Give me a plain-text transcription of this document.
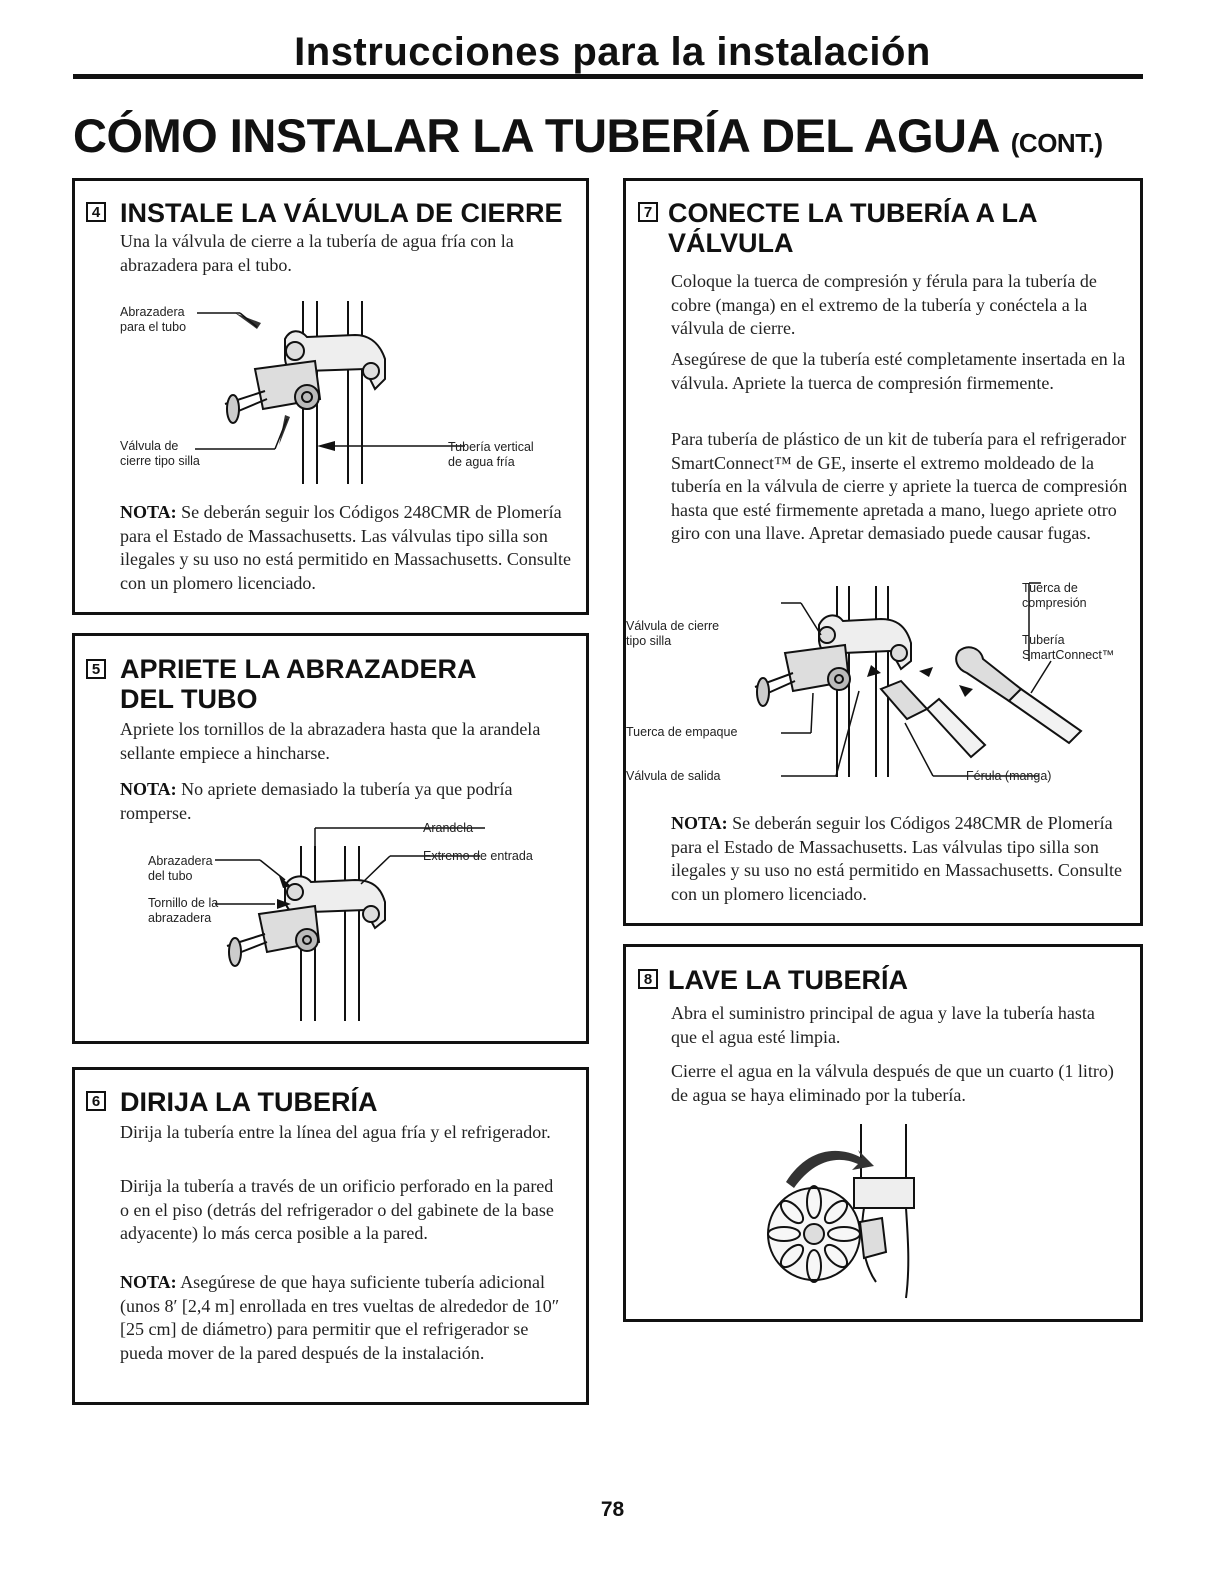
Instrucciones para la instalación
CÓMO INSTALAR LA TUBERÍA DEL AGUA (CONT.)
4 INSTALE LA VÁLVULA DE CIERRE

Una la válvula de cierre a la tubería de agua fría con la abrazadera para el tubo.

Abrazadera
para el tubo
Válvula de
cierre tipo silla
Tubería vertical
de agua fría

NOTA: Se deberán seguir los Códigos 248CMR de Plomería para el Estado de Massachusetts. Las válvulas tipo silla son ilegales y su uso no está permitido en Massachusetts. Consulte con un plomero licenciado.

5 APRIETE LA ABRAZADERA
DEL TUBO

Apriete los tornillos de la abrazadera hasta que la arandela sellante empiece a hincharse.

NOTA: No apriete demasiado la tubería ya que podría romperse.

Arandela
Extremo de entrada
Abrazadera
del tubo
Tornillo de la
abrazadera
6 DIRIJA LA TUBERÍA

Dirija la tubería entre la línea del agua fría y el refrigerador.

Dirija la tubería a través de un orificio perforado en la pared o en el piso (detrás del refrigerador o del gabinete de la base adyacente) lo más cerca posible a la pared.

NOTA: Asegúrese de que haya suficiente tubería adicional (unos 8′ [2,4 m] enrollada en tres vueltas de alrededor de 10″ [25 cm] de diámetro) para permitir que el refrigerador se pueda mover de la pared después de la instalación.

7 CONECTE LA TUBERÍA A LA
VÁLVULA

Coloque la tuerca de compresión y férula para la tubería de cobre (manga) en el extremo de la tubería y conéctela a la válvula de cierre.

Asegúrese de que la tubería esté completamente insertada en la válvula. Apriete la tuerca de compresión firmemente.

Para tubería de plástico de un kit de tubería para el refrigerador SmartConnect™ de GE, inserte el extremo moldeado de la tubería en la válvula de cierre y apriete la tuerca de compresión hasta que esté firmemente apretada a mano, luego apriete otro giro con una llave. Apretar demasiado puede causar fugas.

Tuerca de
compresión
Válvula de cierre
tipo silla	Tubería
SmartConnect™
Tuerca de empaque
Válvula de salida	Férula (manga)

NOTA: Se deberán seguir los Códigos 248CMR de Plomería para el Estado de Massachusetts. Las válvulas tipo silla son ilegales y su uso no está permitido en Massachusetts. Consulte con un plomero licenciado.

8 LAVE LA TUBERÍA

Abra el suministro principal de agua y lave la tubería hasta que el agua esté limpia.

Cierre el agua en la válvula después de que un cuarto (1 litro) de agua se haya eliminado por la tubería.

78
